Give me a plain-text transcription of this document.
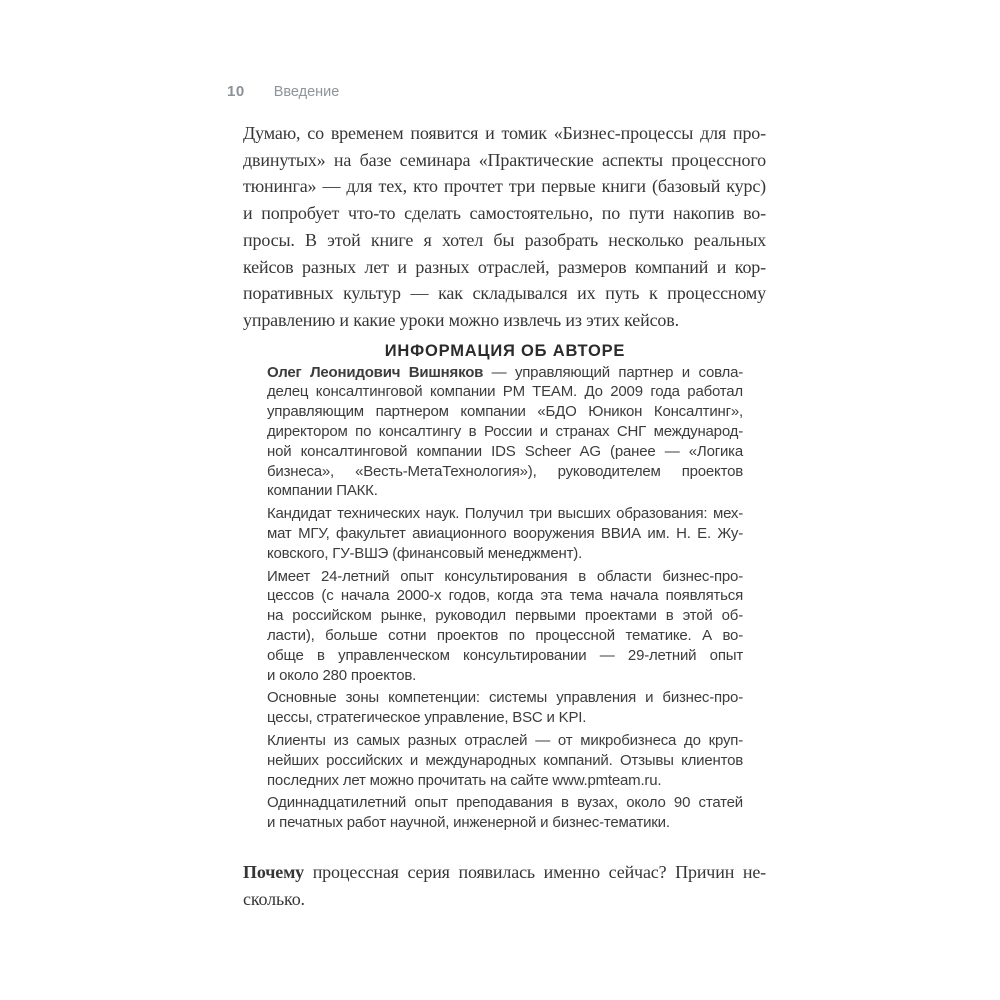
10 Введение

Думаю, со временем появится и томик «Бизнес-процессы для про-
двинутых» на базе семинара «Практические аспекты процессного
тюнинга» — для тех, кто прочтет три первые книги (базовый курс)
и попробует что-то сделать самостоятельно, по пути накопив во-
просы. В этой книге я хотел бы разобрать несколько реальных
кейсов разных лет и разных отраслей, размеров компаний и кор-
поративных культур — как складывался их путь к процессному
управлению и какие уроки можно извлечь из этих кейсов.

ИНФОРМАЦИЯ ОБ АВТОРЕ

Олег Леонидович Вишняков — управляющий партнер и совла-
делец консалтинговой компании PM TEAM. До 2009 года работал
управляющим партнером компании «БДО Юникон Консалтинг»,
директором по консалтингу в России и странах СНГ международ-
ной консалтинговой компании IDS Scheer AG (ранее — «Логика
бизнеса», «Весть-МетаТехнология»), руководителем проектов
компании ПАКК.

Кандидат технических наук. Получил три высших образования: мех-
мат МГУ, факультет авиационного вооружения ВВИА им. Н. Е. Жу-
ковского, ГУ-ВШЭ (финансовый менеджмент).

Имеет 24-летний опыт консультирования в области бизнес-про-
цессов (с начала 2000-х годов, когда эта тема начала появляться
на российском рынке, руководил первыми проектами в этой об-
ласти), больше сотни проектов по процессной тематике. А во-
обще в управленческом консультировании — 29-летний опыт
и около 280 проектов.

Основные зоны компетенции: системы управления и бизнес-про-
цессы, стратегическое управление, BSC и KPI.

Клиенты из самых разных отраслей — от микробизнеса до круп-
нейших российских и международных компаний. Отзывы клиентов
последних лет можно прочитать на сайте www.pmteam.ru.

Одиннадцатилетний опыт преподавания в вузах, около 90 статей
и печатных работ научной, инженерной и бизнес-тематики.

Почему процессная серия появилась именно сейчас? Причин не-
сколько.
